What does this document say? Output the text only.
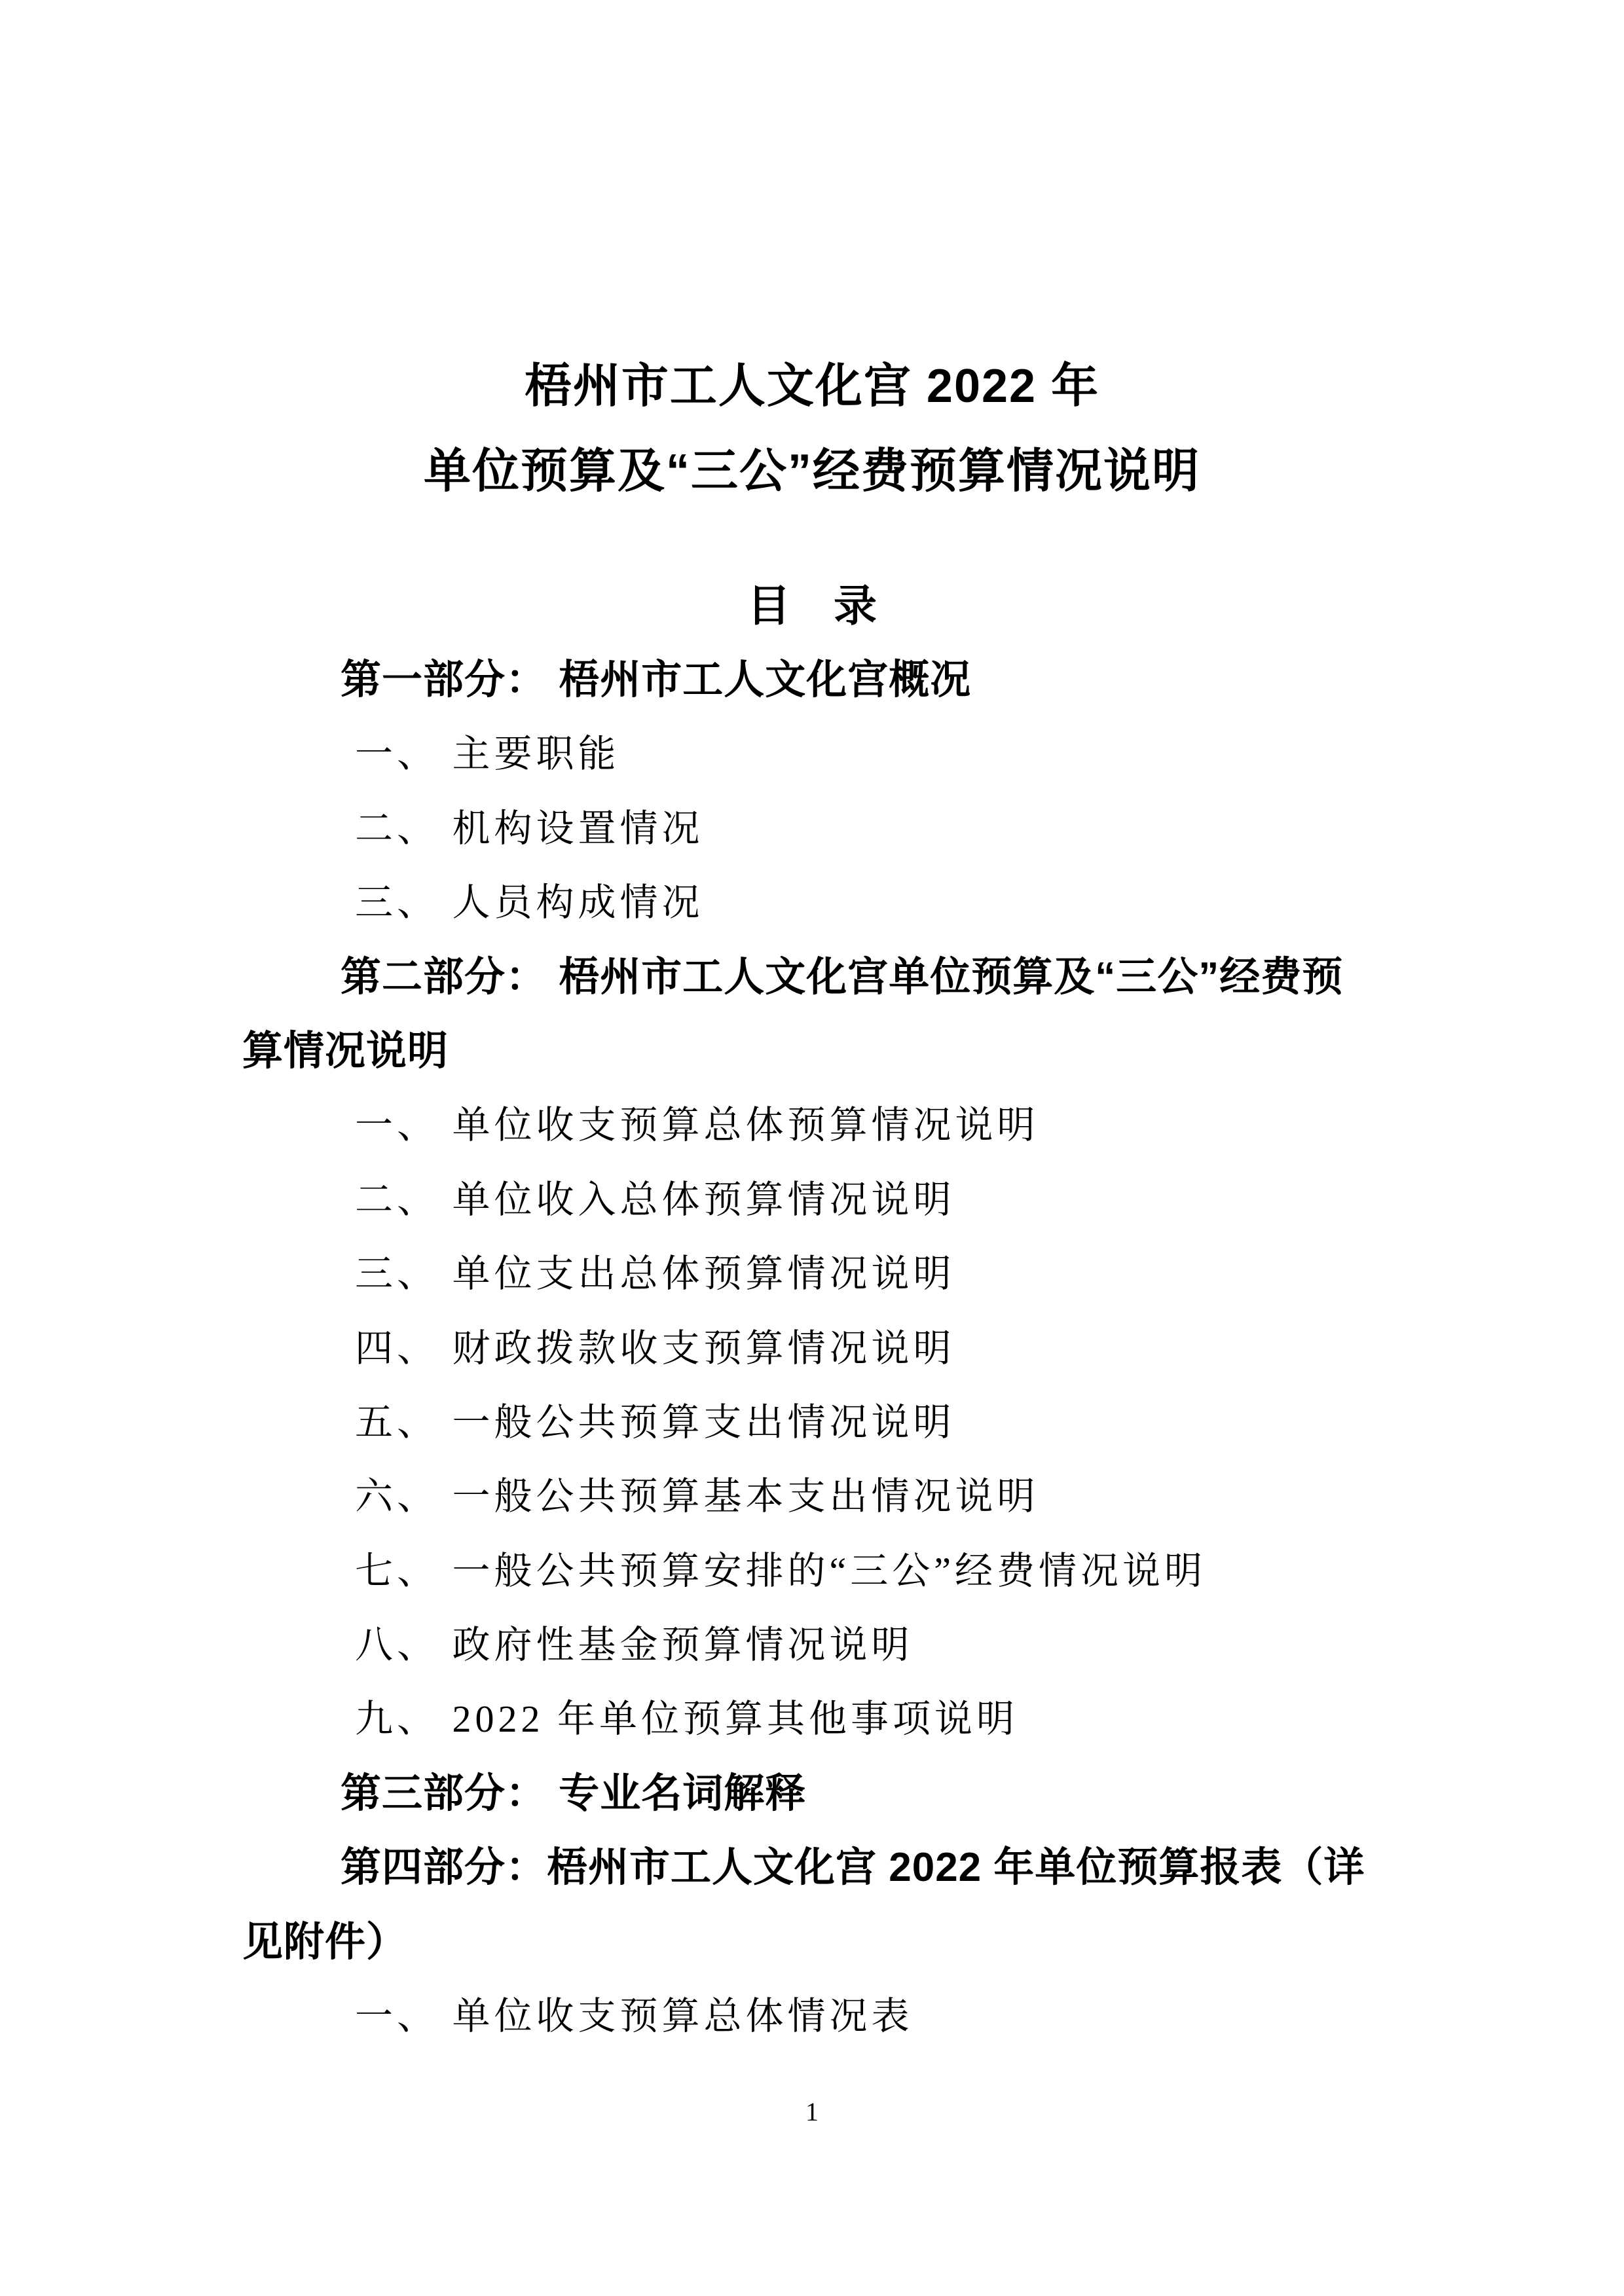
梧州市工人文化宫 2022 年
单位预算及“三公”经费预算情况说明
目　录
第一部分： 梧州市工人文化宫概况
一、 主要职能
二、 机构设置情况
三、 人员构成情况
第二部分： 梧州市工人文化宫单位预算及“三公”经费预
算情况说明
一、 单位收支预算总体预算情况说明
二、 单位收入总体预算情况说明
三、 单位支出总体预算情况说明
四、 财政拨款收支预算情况说明
五、 一般公共预算支出情况说明
六、 一般公共预算基本支出情况说明
七、 一般公共预算安排的“三公”经费情况说明
八、 政府性基金预算情况说明
九、 2022 年单位预算其他事项说明
第三部分： 专业名词解释
第四部分：梧州市工人文化宫 2022 年单位预算报表（详
见附件）
一、 单位收支预算总体情况表
1
